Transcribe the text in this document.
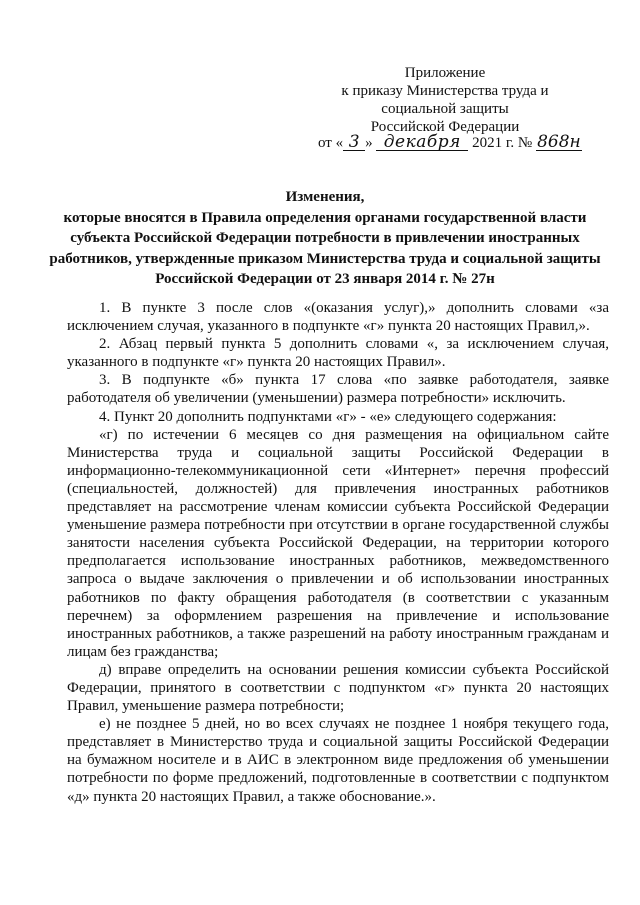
Приложение
к приказу Министерства труда и
социальной защиты
Российской Федерации
от « 3 » декабря 2021 г. № 868н
Изменения,
которые вносятся в Правила определения органами государственной власти субъекта Российской Федерации потребности в привлечении иностранных работников, утвержденные приказом Министерства труда и социальной защиты Российской Федерации от 23 января 2014 г. № 27н

1. В пункте 3 после слов «(оказания услуг),» дополнить словами «за исключением случая, указанного в подпункте «г» пункта 20 настоящих Правил,».

2. Абзац первый пункта 5 дополнить словами «, за исключением случая, указанного в подпункте «г» пункта 20 настоящих Правил».

3. В подпункте «б» пункта 17 слова «по заявке работодателя, заявке работодателя об увеличении (уменьшении) размера потребности» исключить.

4. Пункт 20 дополнить подпунктами «г» - «е» следующего содержания:

«г) по истечении 6 месяцев со дня размещения на официальном сайте Министерства труда и социальной защиты Российской Федерации в информационно-телекоммуникационной сети «Интернет» перечня профессий (специальностей, должностей) для привлечения иностранных работников представляет на рассмотрение членам комиссии субъекта Российской Федерации уменьшение размера потребности при отсутствии в органе государственной службы занятости населения субъекта Российской Федерации, на территории которого предполагается использование иностранных работников, межведомственного запроса о выдаче заключения о привлечении и об использовании иностранных работников по факту обращения работодателя (в соответствии с указанным перечнем) за оформлением разрешения на привлечение и использование иностранных работников, а также разрешений на работу иностранным гражданам и лицам без гражданства;

д) вправе определить на основании решения комиссии субъекта Российской Федерации, принятого в соответствии с подпунктом «г» пункта 20 настоящих Правил, уменьшение размера потребности;

е) не позднее 5 дней, но во всех случаях не позднее 1 ноября текущего года, представляет в Министерство труда и социальной защиты Российской Федерации на бумажном носителе и в АИС в электронном виде предложения об уменьшении потребности по форме предложений, подготовленные в соответствии с подпунктом «д» пункта 20 настоящих Правил, а также обоснование.».
